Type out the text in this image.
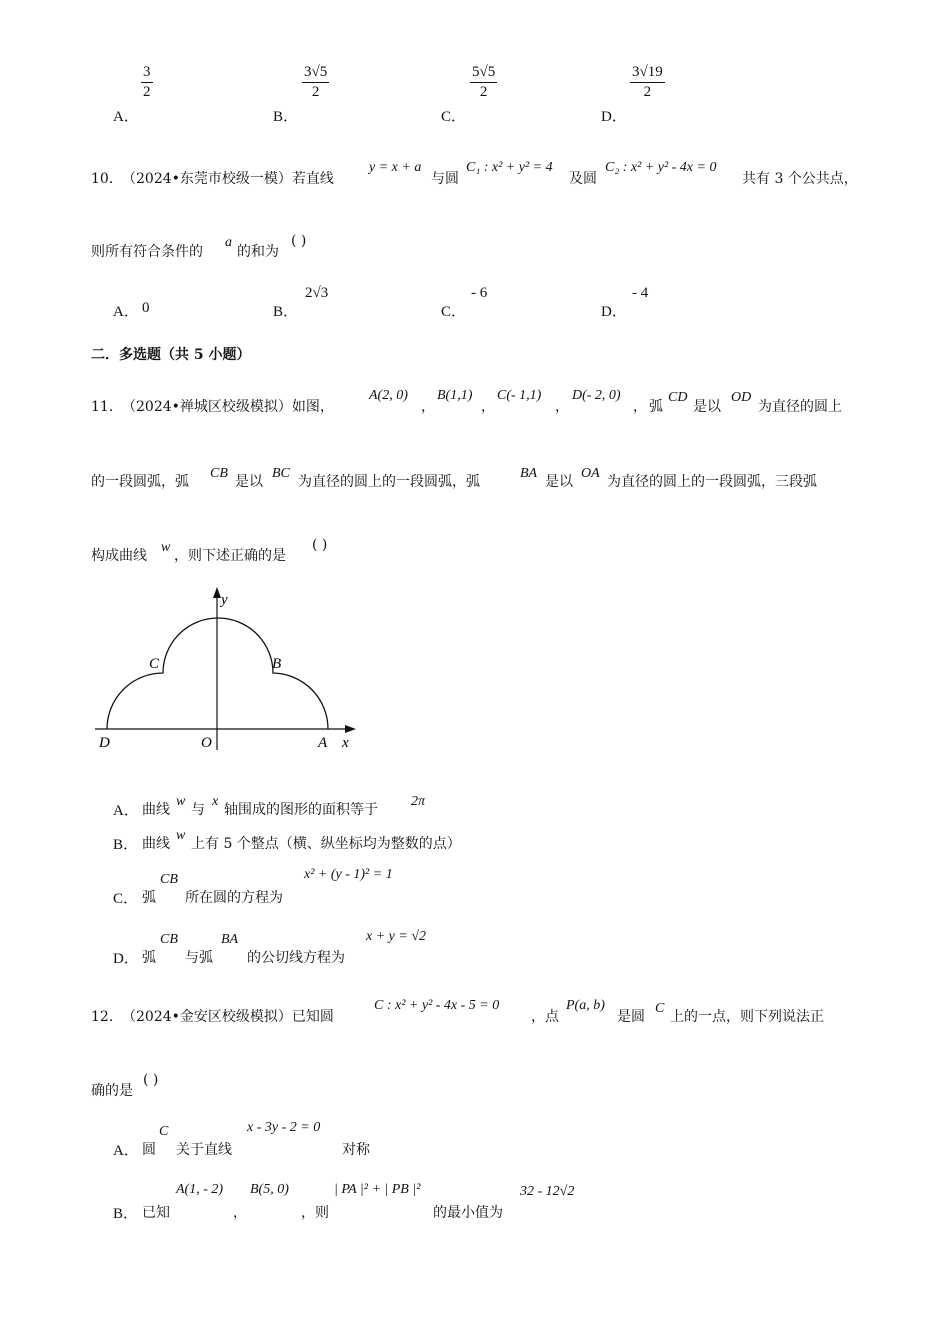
A．
$\frac{3}{2}$
B．
$\frac{3√5}{2}$
C．
$\frac{5√5}{2}$
D．
$\frac{3√19}{2}$
10． （2024•东莞市校级一模）若直线
y = x + a
与圆
C₁ : x² + y² = 4
及圆
C₂ : x² + y² - 4x = 0
共有 3 个公共点，
则所有符合条件的
a
的和为
( )
A． 0	B．
2√3
C．
- 6
D．
- 4
二．多选题（共 5 小题）
11． （2024•禅城区校级模拟）如图，
A(2, 0)
，
B(1,1)
，
C(- 1,1)
，
D(- 2, 0)
， 弧
CD
是以
OD
为直径的圆上
的一段圆弧，弧
CB
是以
BC
为直径的圆上的一段圆弧，弧
BA
是以
OA
为直径的圆上的一段圆弧，三段弧
构成曲线
w
，则下述正确的是
( )
y
x
C	B
D	O	A
A． 曲线
w
与
x
轴围成的图形的面积等于
2π
B． 曲线
w
上有 5 个整点（横、纵坐标均为整数的点）
C． 弧
CB
所在圆的方程为
x² + (y - 1)² = 1
D． 弧
CB
与弧
BA
的公切线方程为
x + y = √2
12． （2024•金安区校级模拟）已知圆
C : x² + y² - 4x - 5 = 0
，点
P(a, b)
是圆
C
上的一点，则下列说法正
确的是
( )
A． 圆
C
关于直线
x - 3y - 2 = 0
对称
B． 已知
A(1, - 2)
，
B(5, 0)
，则
| PA |² + | PB |²
的最小值为
32 - 12√2
